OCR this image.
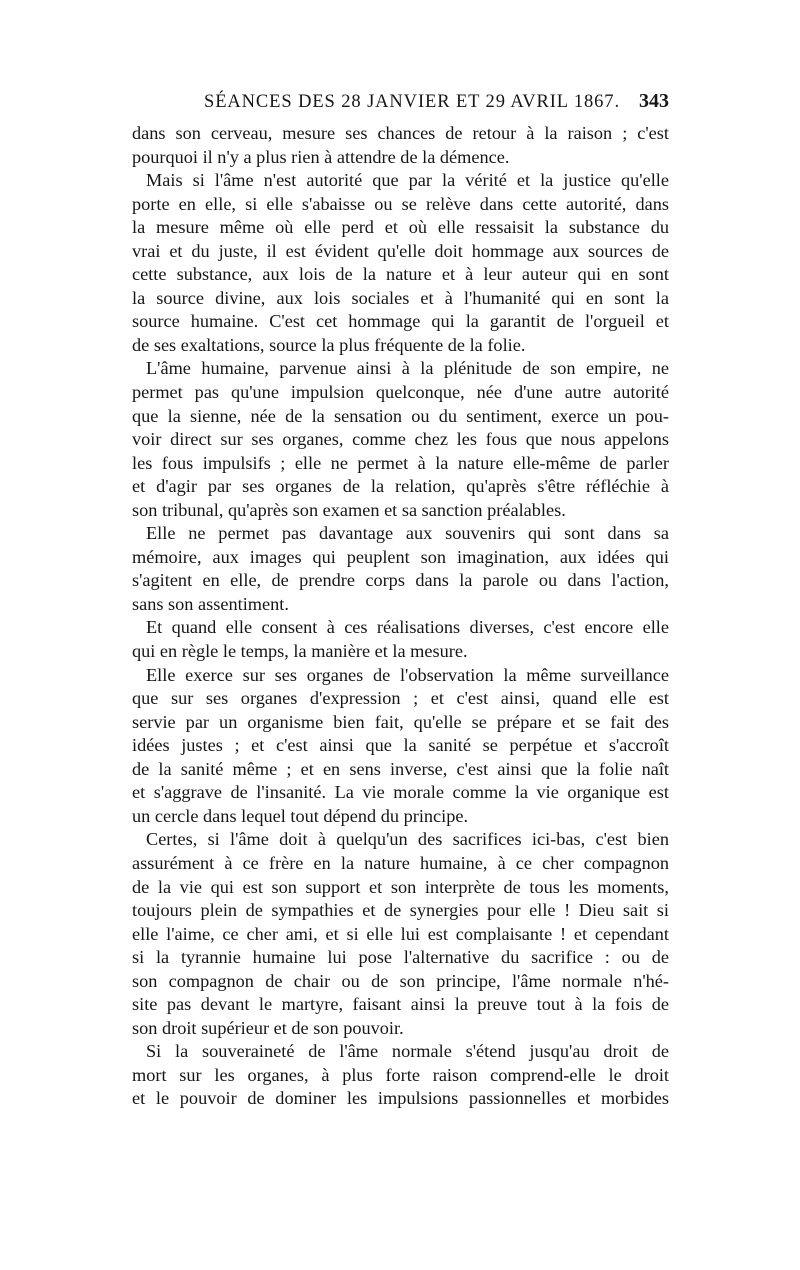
SÉANCES DES 28 JANVIER ET 29 AVRIL 1867. 343

dans son cerveau, mesure ses chances de retour à la raison ; c'est

pourquoi il n'y a plus rien à attendre de la démence.

Mais si l'âme n'est autorité que par la vérité et la justice qu'elle

porte en elle, si elle s'abaisse ou se relève dans cette autorité, dans

la mesure même où elle perd et où elle ressaisit la substance du

vrai et du juste, il est évident qu'elle doit hommage aux sources de

cette substance, aux lois de la nature et à leur auteur qui en sont

la source divine, aux lois sociales et à l'humanité qui en sont la

source humaine. C'est cet hommage qui la garantit de l'orgueil et

de ses exaltations, source la plus fréquente de la folie.

L'âme humaine, parvenue ainsi à la plénitude de son empire, ne

permet pas qu'une impulsion quelconque, née d'une autre autorité

que la sienne, née de la sensation ou du sentiment, exerce un pou-

voir direct sur ses organes, comme chez les fous que nous appelons

les fous impulsifs ; elle ne permet à la nature elle-même de parler

et d'agir par ses organes de la relation, qu'après s'être réfléchie à

son tribunal, qu'après son examen et sa sanction préalables.

Elle ne permet pas davantage aux souvenirs qui sont dans sa

mémoire, aux images qui peuplent son imagination, aux idées qui

s'agitent en elle, de prendre corps dans la parole ou dans l'action,

sans son assentiment.

Et quand elle consent à ces réalisations diverses, c'est encore elle

qui en règle le temps, la manière et la mesure.

Elle exerce sur ses organes de l'observation la même surveillance

que sur ses organes d'expression ; et c'est ainsi, quand elle est

servie par un organisme bien fait, qu'elle se prépare et se fait des

idées justes ; et c'est ainsi que la sanité se perpétue et s'accroît

de la sanité même ; et en sens inverse, c'est ainsi que la folie naît

et s'aggrave de l'insanité. La vie morale comme la vie organique est

un cercle dans lequel tout dépend du principe.

Certes, si l'âme doit à quelqu'un des sacrifices ici-bas, c'est bien

assurément à ce frère en la nature humaine, à ce cher compagnon

de la vie qui est son support et son interprète de tous les moments,

toujours plein de sympathies et de synergies pour elle ! Dieu sait si

elle l'aime, ce cher ami, et si elle lui est complaisante ! et cependant

si la tyrannie humaine lui pose l'alternative du sacrifice : ou de

son compagnon de chair ou de son principe, l'âme normale n'hé-

site pas devant le martyre, faisant ainsi la preuve tout à la fois de

son droit supérieur et de son pouvoir.

Si la souveraineté de l'âme normale s'étend jusqu'au droit de

mort sur les organes, à plus forte raison comprend-elle le droit

et le pouvoir de dominer les impulsions passionnelles et morbides
